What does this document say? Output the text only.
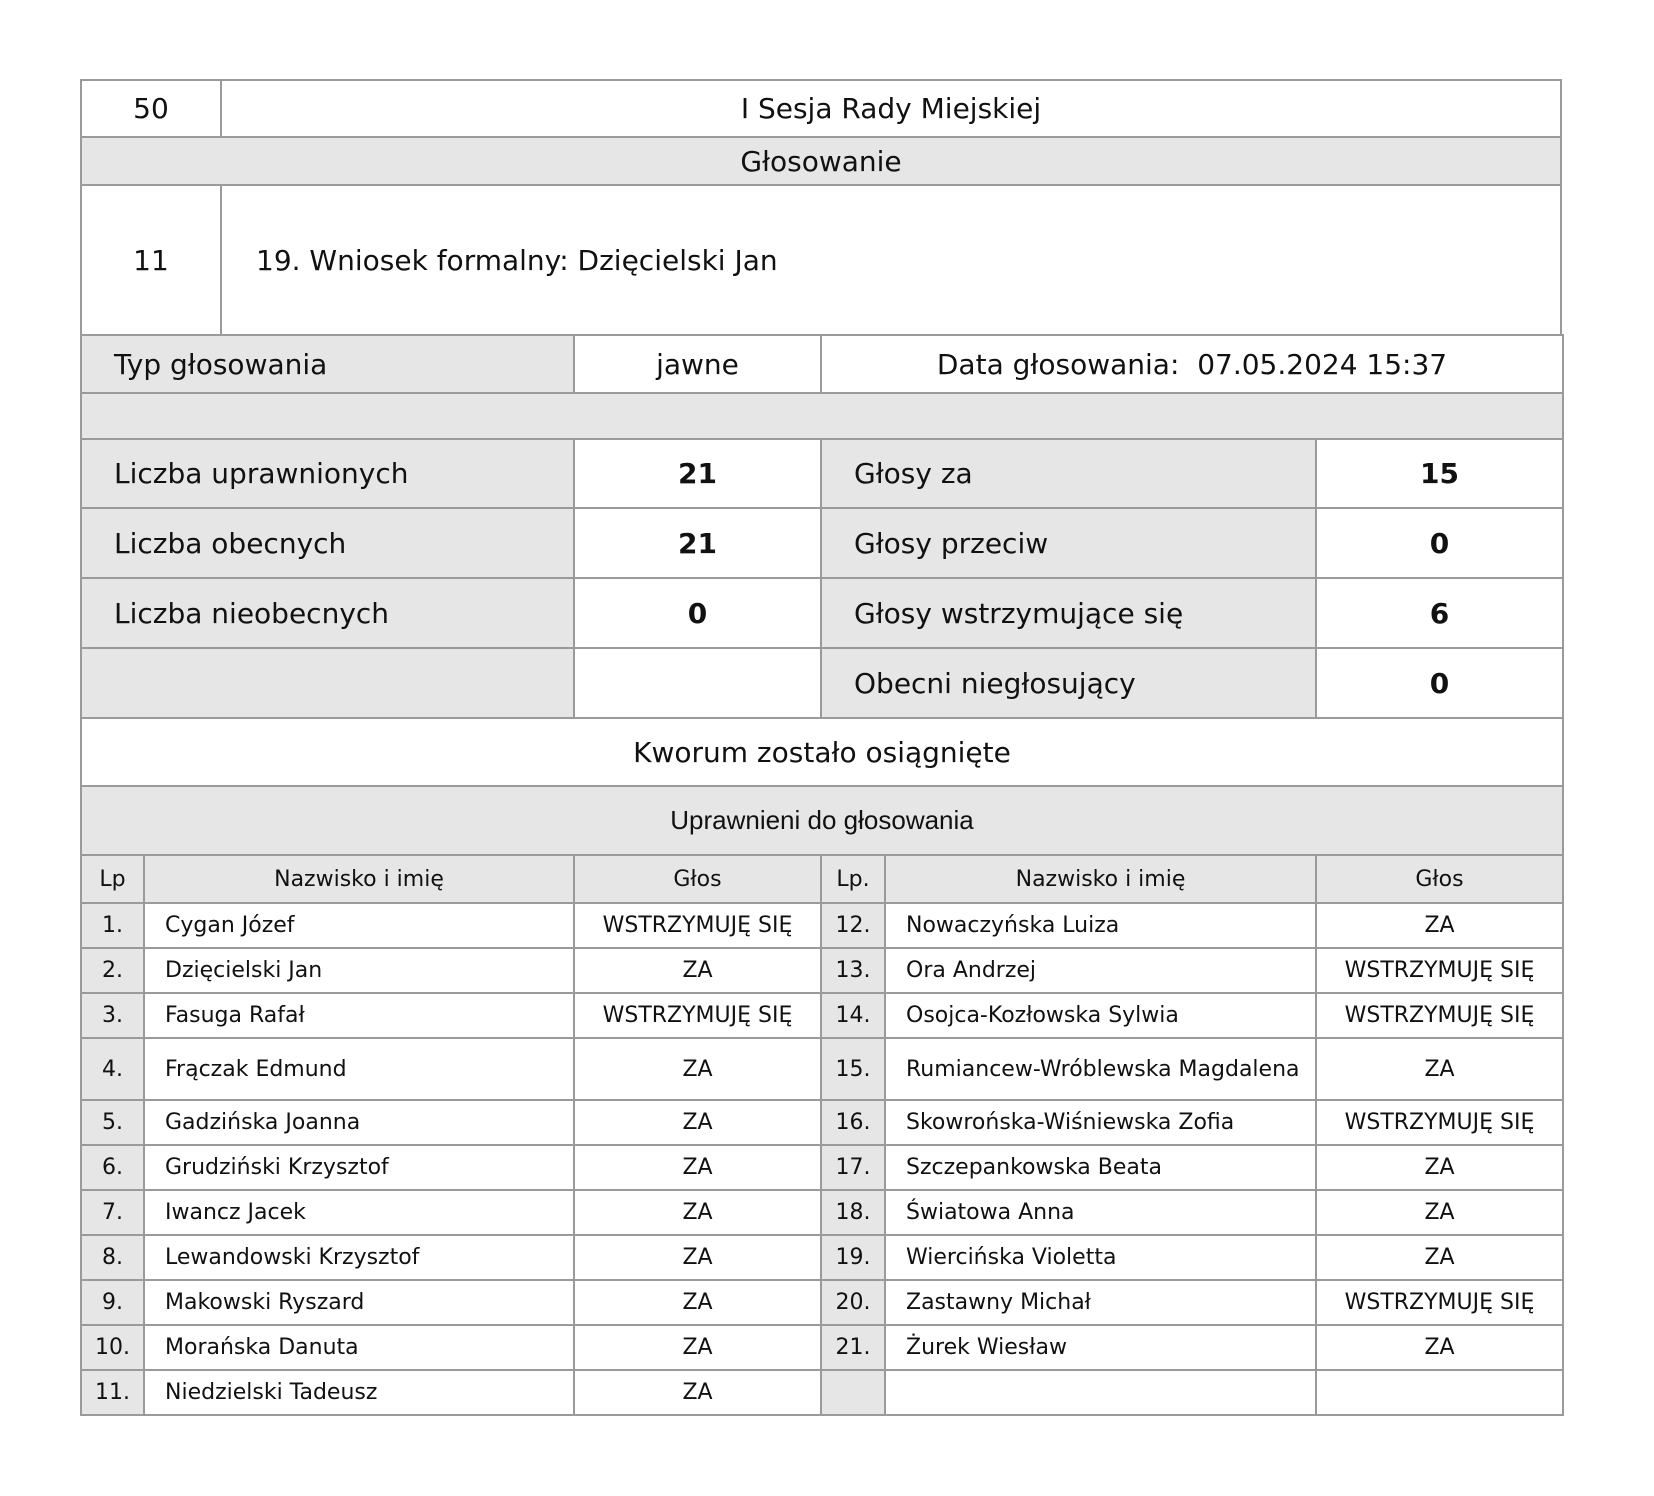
50	I Sesja Rady Miejskiej
Głosowanie	
11	19. Wniosek formalny: Dzięcielski Jan
Typ głosowania	jawne	Data głosowania: 07.05.2024 15:37	

Liczba uprawnionych	21	Głosy za	15
Liczba obecnych	21	Głosy przeciw	0
Liczba nieobecnych	0	Głosy wstrzymujące się	6
		Obecni niegłosujący	0
Kworum zostało osiągnięte			
Uprawnieni do głosowania			
Lp	Nazwisko i imię	Głos	Lp.	Nazwisko i imię	Głos
1.	Cygan Józef	WSTRZYMUJĘ SIĘ	12.	Nowaczyńska Luiza	ZA
2.	Dzięcielski Jan	ZA	13.	Ora Andrzej	WSTRZYMUJĘ SIĘ
3.	Fasuga Rafał	WSTRZYMUJĘ SIĘ	14.	Osojca-Kozłowska Sylwia	WSTRZYMUJĘ SIĘ
4.	Frączak Edmund	ZA	15.	Rumiancew-Wróblewska Magdalena	ZA
5.	Gadzińska Joanna	ZA	16.	Skowrońska-Wiśniewska Zofia	WSTRZYMUJĘ SIĘ
6.	Grudziński Krzysztof	ZA	17.	Szczepankowska Beata	ZA
7.	Iwancz Jacek	ZA	18.	Światowa Anna	ZA
8.	Lewandowski Krzysztof	ZA	19.	Wiercińska Violetta	ZA
9.	Makowski Ryszard	ZA	20.	Zastawny Michał	WSTRZYMUJĘ SIĘ
10.	Morańska Danuta	ZA	21.	Żurek Wiesław	ZA
11.	Niedzielski Tadeusz	ZA			
